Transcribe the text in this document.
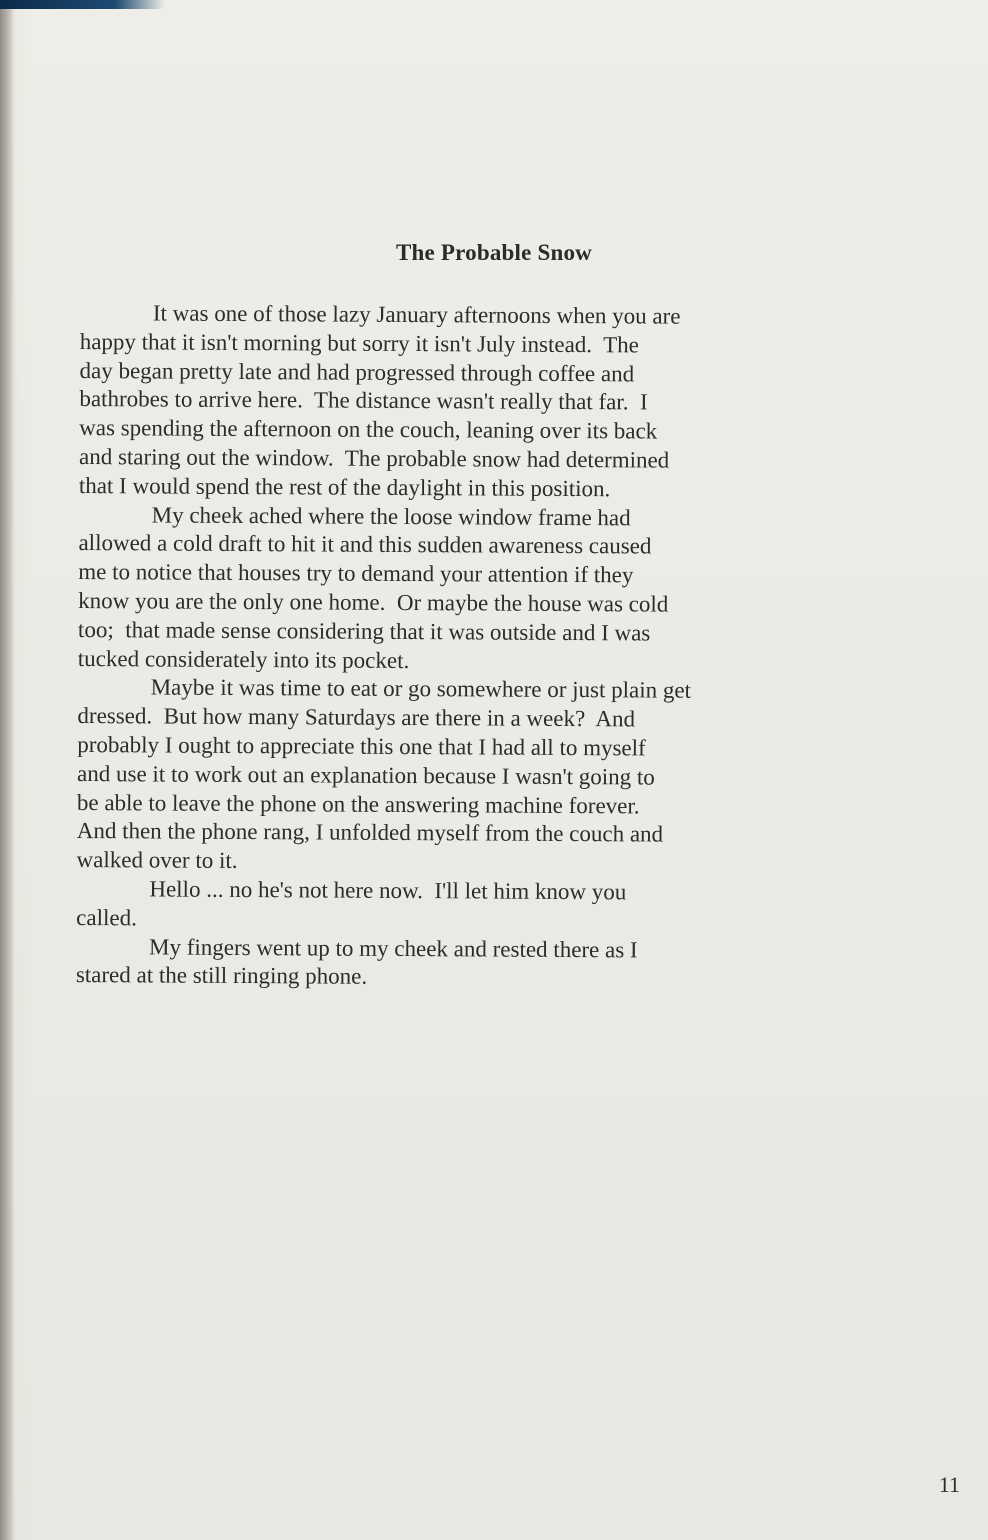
The Probable Snow

It was one of those lazy January afternoons when you are
happy that it isn't morning but sorry it isn't July instead.  The
day began pretty late and had progressed through coffee and
bathrobes to arrive here.  The distance wasn't really that far.  I
was spending the afternoon on the couch, leaning over its back
and staring out the window.  The probable snow had determined
that I would spend the rest of the daylight in this position.

My cheek ached where the loose window frame had
allowed a cold draft to hit it and this sudden awareness caused
me to notice that houses try to demand your attention if they
know you are the only one home.  Or maybe the house was cold
too;  that made sense considering that it was outside and I was
tucked considerately into its pocket.

Maybe it was time to eat or go somewhere or just plain get
dressed.  But how many Saturdays are there in a week?  And
probably I ought to appreciate this one that I had all to myself
and use it to work out an explanation because I wasn't going to
be able to leave the phone on the answering machine forever.
And then the phone rang, I unfolded myself from the couch and
walked over to it.

Hello ... no he's not here now.  I'll let him know you
called.

My fingers went up to my cheek and rested there as I
stared at the still ringing phone.

11
